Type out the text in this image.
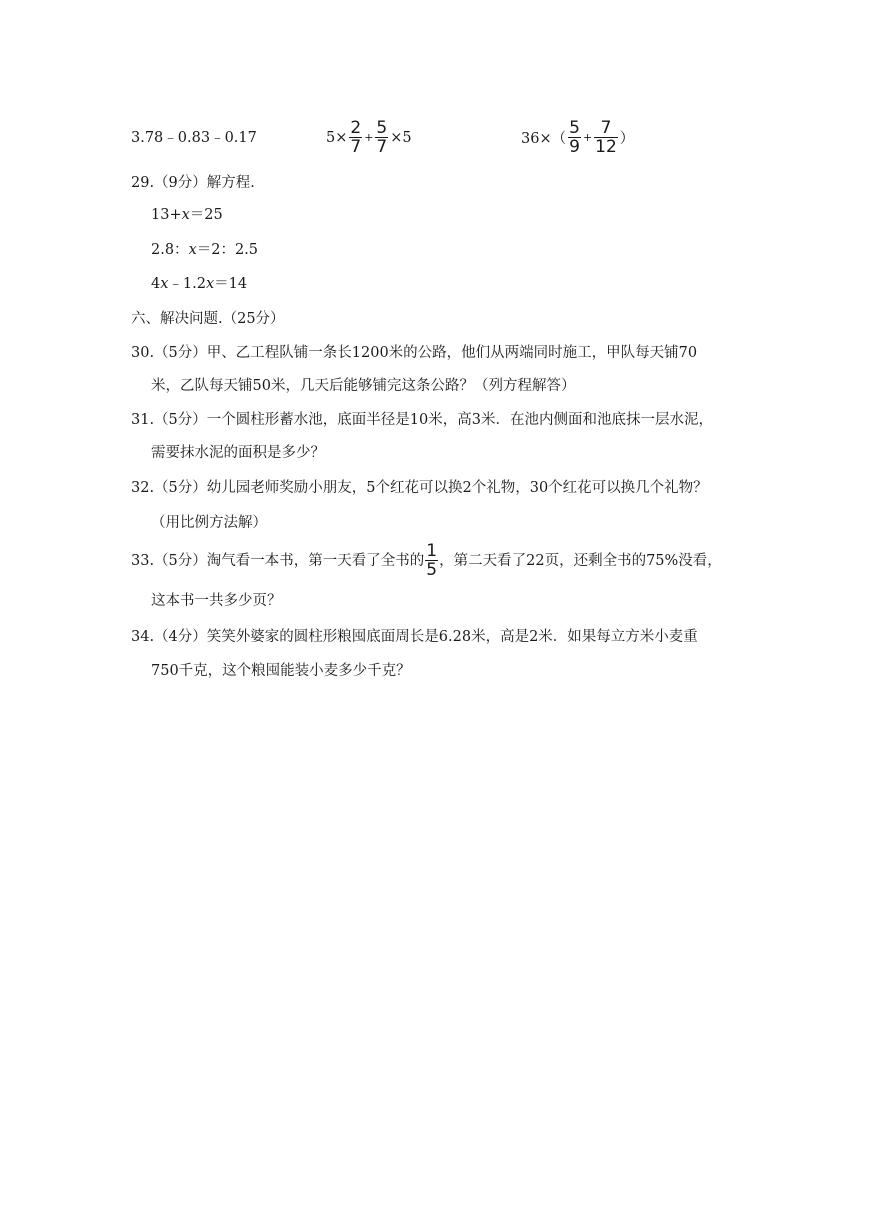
3.78﹣0.83﹣0.17	$5\times \frac{2}{7} + \frac{5}{7} \times 5$	$36\times( \frac{5}{9} + \frac{7}{12}$ ）
29.（9分）解方程.
13+x＝25
2.8：x＝2：2.5
4x﹣1.2x＝14
六、解决问题.（25分）
30.（5分）甲、乙工程队铺一条长1200米的公路，他们从两端同时施工，甲队每天铺70
米，乙队每天铺50米，几天后能够铺完这条公路？（列方程解答）
31.（5分）一个圆柱形蓄水池，底面半径是10米，高3米．在池内侧面和池底抹一层水泥，
需要抹水泥的面积是多少？
32.（5分）幼儿园老师奖励小朋友，5个红花可以换2个礼物，30个红花可以换几个礼物？
（用比例方法解）
33.（5分）淘气看一本书，第一天看了全书的 $\frac{1}{5}$ ，第二天看了22页，还剩全书的75%没看，
这本书一共多少页？
34.（4分）笑笑外婆家的圆柱形粮囤底面周长是6.28米，高是2米．如果每立方米小麦重
750千克，这个粮囤能装小麦多少千克？
